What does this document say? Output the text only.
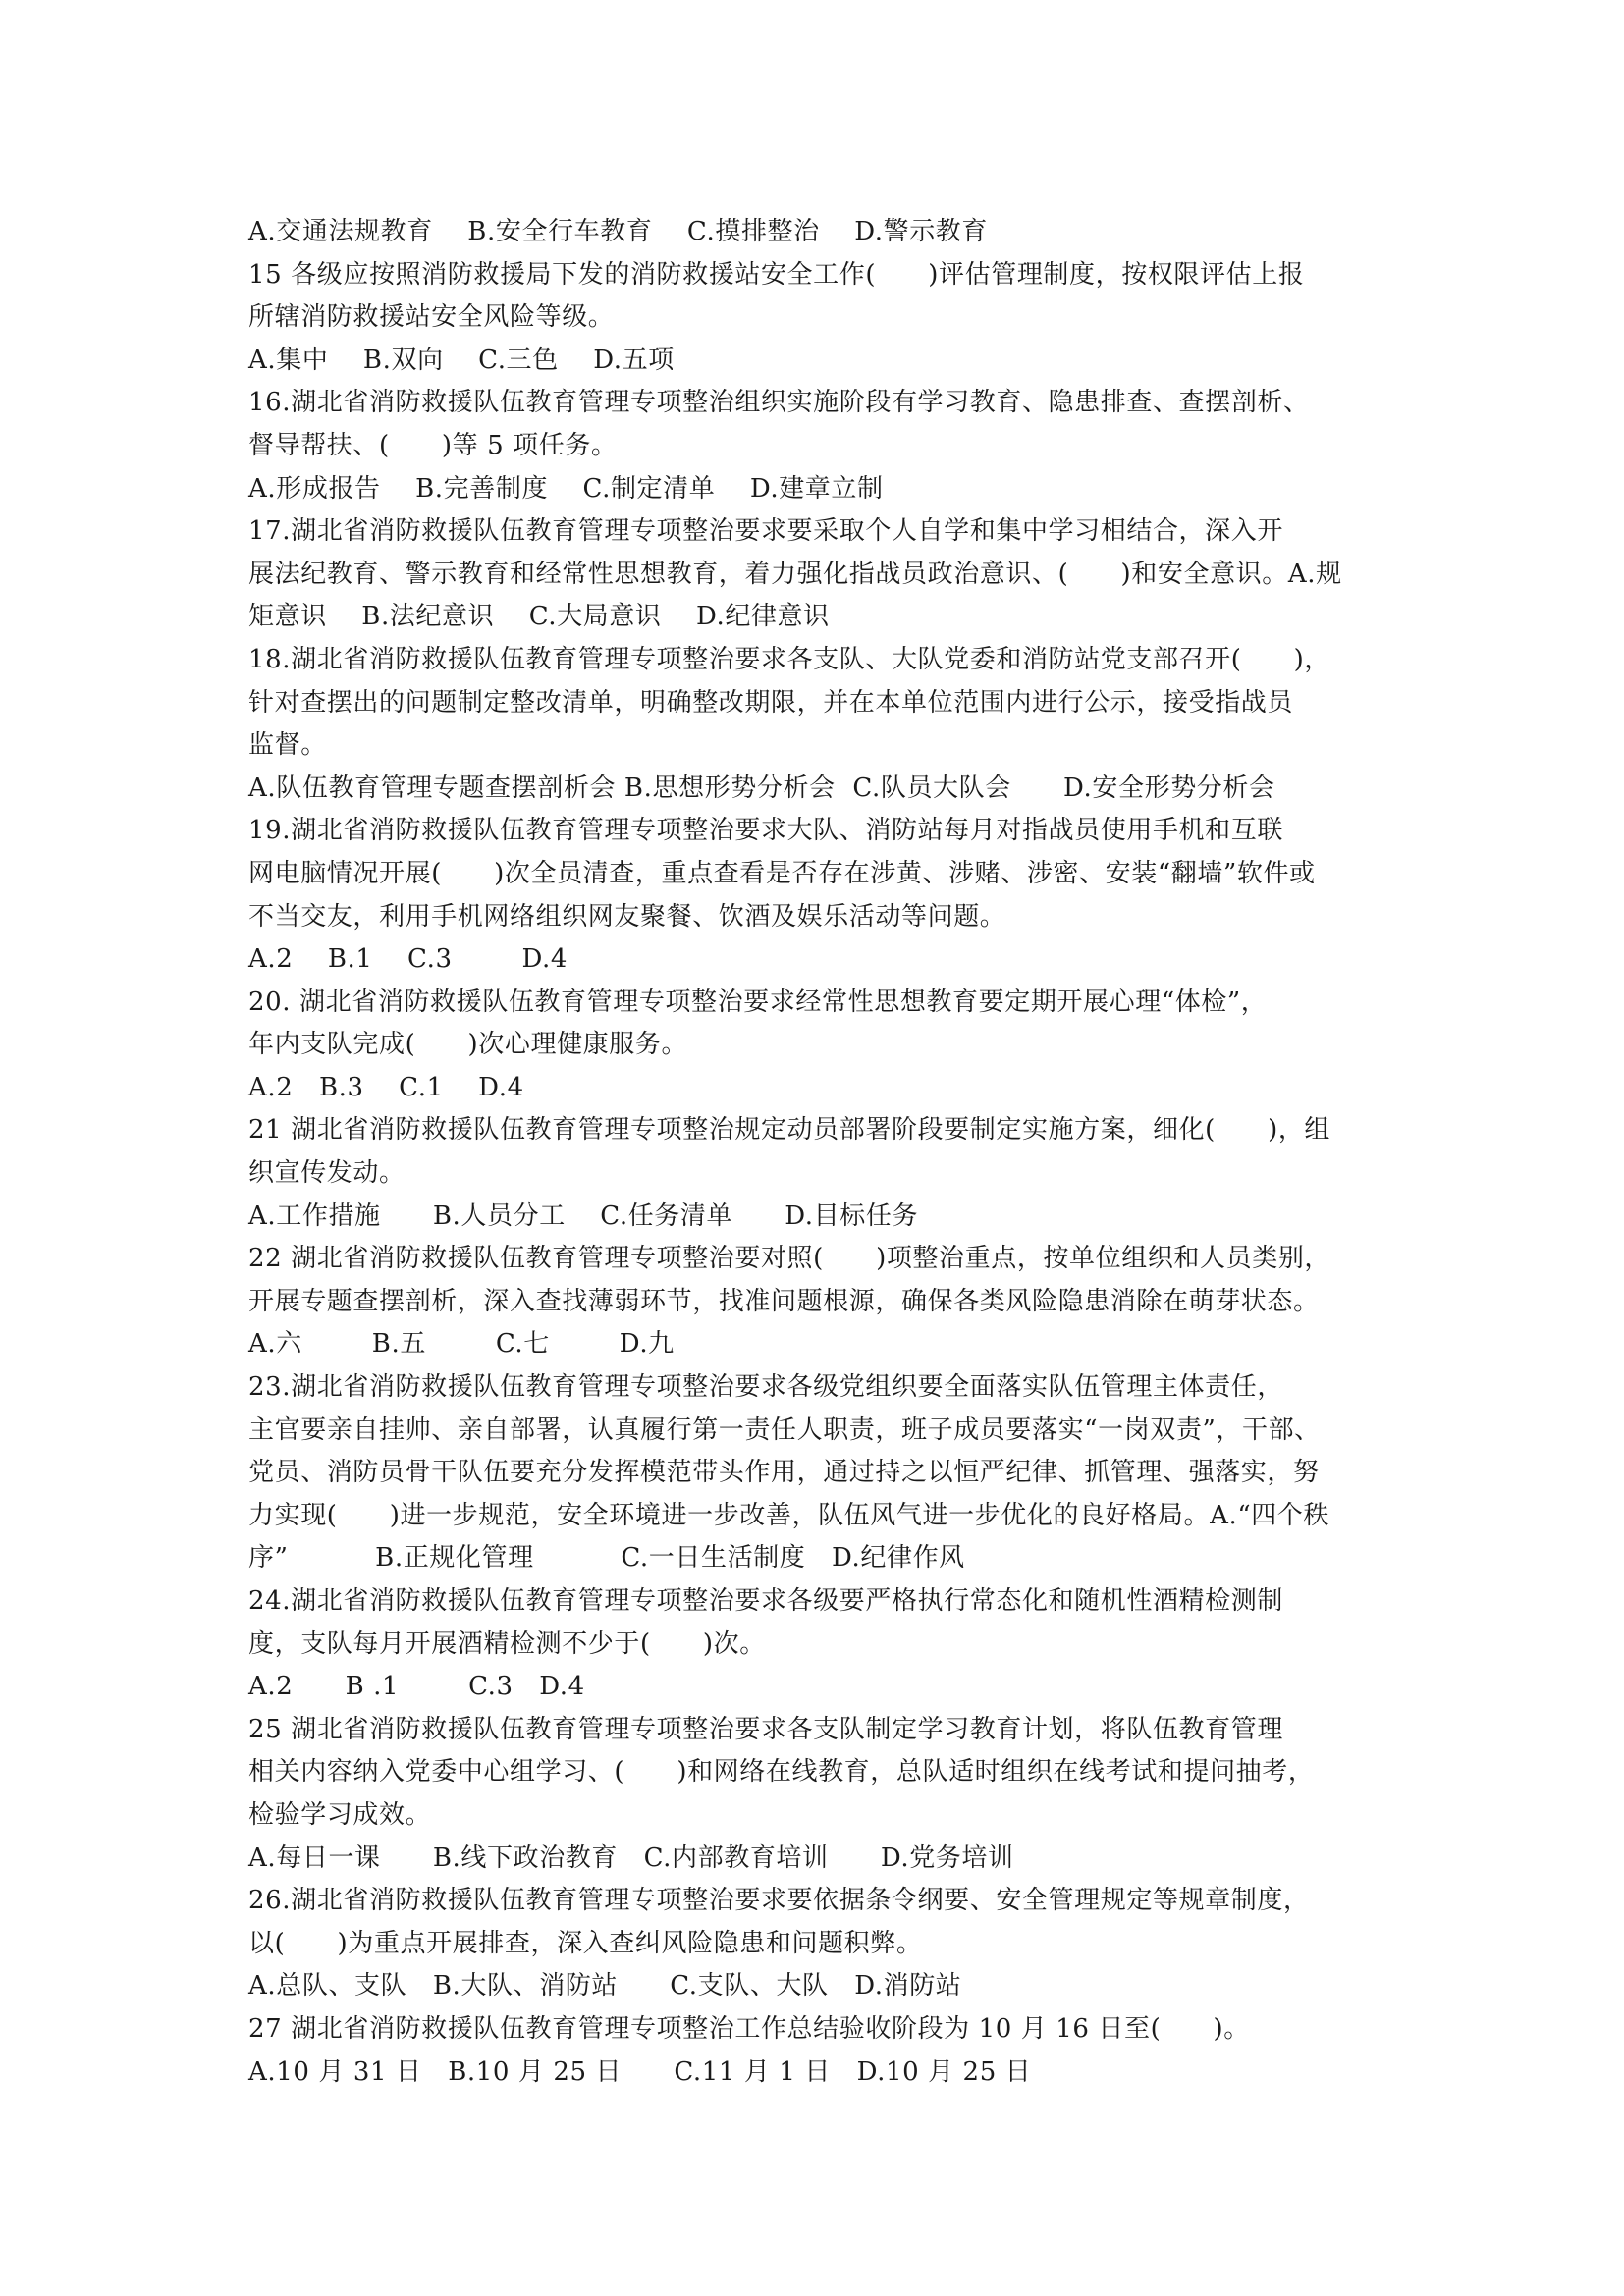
A.交通法规教育    B.安全行车教育    C.摸排整治    D.警示教育

15 各级应按照消防救援局下发的消防救援站安全工作(      )评估管理制度，按权限评估上报

所辖消防救援站安全风险等级。

A.集中    B.双向    C.三色    D.五项

16.湖北省消防救援队伍教育管理专项整治组织实施阶段有学习教育、隐患排查、查摆剖析、

督导帮扶、(      )等 5 项任务。

A.形成报告    B.完善制度    C.制定清单    D.建章立制

17.湖北省消防救援队伍教育管理专项整治要求要采取个人自学和集中学习相结合，深入开

展法纪教育、警示教育和经常性思想教育，着力强化指战员政治意识、(      )和安全意识。A.规

矩意识    B.法纪意识    C.大局意识    D.纪律意识

18.湖北省消防救援队伍教育管理专项整治要求各支队、大队党委和消防站党支部召开(      )，

针对查摆出的问题制定整改清单，明确整改期限，并在本单位范围内进行公示，接受指战员

监督。

A.队伍教育管理专题查摆剖析会 B.思想形势分析会  C.队员大队会      D.安全形势分析会

19.湖北省消防救援队伍教育管理专项整治要求大队、消防站每月对指战员使用手机和互联

网电脑情况开展(      )次全员清查，重点查看是否存在涉黄、涉赌、涉密、安装“翻墙”软件或

不当交友，利用手机网络组织网友聚餐、饮酒及娱乐活动等问题。

A.2    B.1    C.3        D.4

20. 湖北省消防救援队伍教育管理专项整治要求经常性思想教育要定期开展心理“体检”，

年内支队完成(      )次心理健康服务。

A.2   B.3    C.1    D.4

21 湖北省消防救援队伍教育管理专项整治规定动员部署阶段要制定实施方案，细化(      )，组

织宣传发动。

A.工作措施      B.人员分工    C.任务清单      D.目标任务

22 湖北省消防救援队伍教育管理专项整治要对照(      )项整治重点，按单位组织和人员类别，

开展专题查摆剖析，深入查找薄弱环节，找准问题根源，确保各类风险隐患消除在萌芽状态。

A.六        B.五        C.七        D.九

23.湖北省消防救援队伍教育管理专项整治要求各级党组织要全面落实队伍管理主体责任，

主官要亲自挂帅、亲自部署，认真履行第一责任人职责，班子成员要落实“一岗双责”，干部、

党员、消防员骨干队伍要充分发挥模范带头作用，通过持之以恒严纪律、抓管理、强落实，努

力实现(      )进一步规范，安全环境进一步改善，队伍风气进一步优化的良好格局。A.“四个秩

序”          B.正规化管理          C.一日生活制度   D.纪律作风

24.湖北省消防救援队伍教育管理专项整治要求各级要严格执行常态化和随机性酒精检测制

度，支队每月开展酒精检测不少于(      )次。

A.2      B .1        C.3   D.4

25 湖北省消防救援队伍教育管理专项整治要求各支队制定学习教育计划，将队伍教育管理

相关内容纳入党委中心组学习、(      )和网络在线教育，总队适时组织在线考试和提问抽考，

检验学习成效。

A.每日一课      B.线下政治教育   C.内部教育培训      D.党务培训

26.湖北省消防救援队伍教育管理专项整治要求要依据条令纲要、安全管理规定等规章制度，

以(      )为重点开展排查，深入查纠风险隐患和问题积弊。

A.总队、支队   B.大队、消防站      C.支队、大队   D.消防站

27 湖北省消防救援队伍教育管理专项整治工作总结验收阶段为 10 月 16 日至(      )。

A.10 月 31 日   B.10 月 25 日      C.11 月 1 日   D.10 月 25 日
